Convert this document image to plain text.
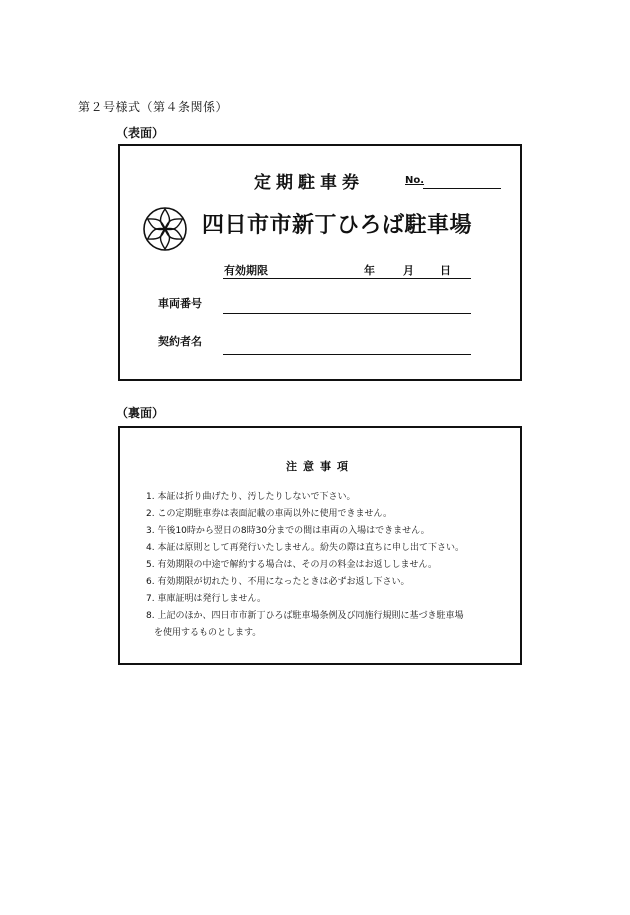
第２号様式（第４条関係）
（表面）
定期駐車券	No.
四日市市新丁ひろば駐車場
有効期限	年	月 日
車両番号
契約者名
（裏面）
注意事項
1. 本証は折り曲げたり、汚したりしないで下さい。
2. この定期駐車券は表面記載の車両以外に使用できません。
3. 午後10時から翌日の8時30分までの間は車両の入場はできません。
4. 本証は原則として再発行いたしません。紛失の際は直ちに申し出て下さい。
5. 有効期限の中途で解約する場合は、その月の料金はお返ししません。
6. 有効期限が切れたり、不用になったときは必ずお返し下さい。
7. 車庫証明は発行しません。
8. 上記のほか、四日市市新丁ひろば駐車場条例及び同施行規則に基づき駐車場
を使用するものとします。
